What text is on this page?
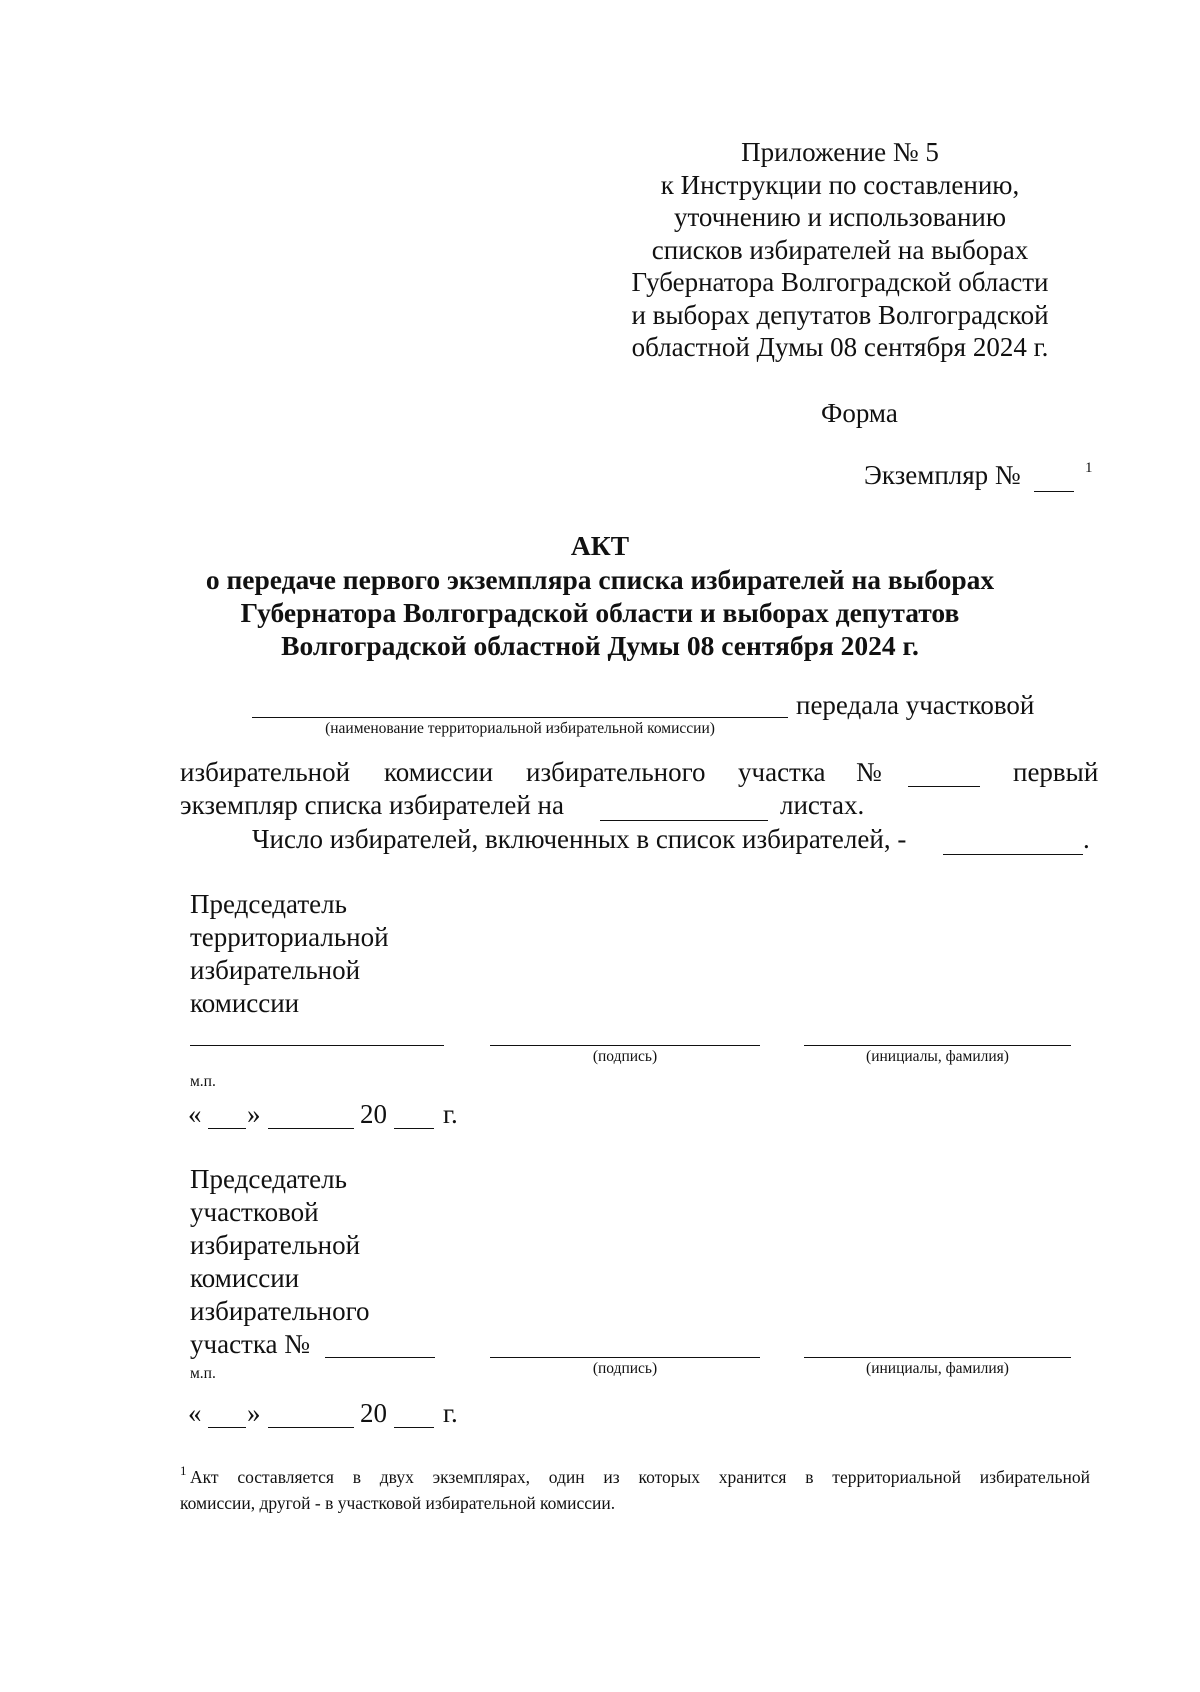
Приложение № 5
к Инструкции по составлению,
уточнению и использованию
списков избирателей на выборах
Губернатора Волгоградской области
и выборах депутатов Волгоградской
областной Думы 08 сентября 2024 г.
Форма
Экземпляр №	1
АКТ
о передаче первого экземпляра списка избирателей на выборах
Губернатора Волгоградской области и выборах депутатов
Волгоградской областной Думы 08 сентября 2024 г.
передала участковой
(наименование территориальной избирательной комиссии)
избирательной комиссии избирательного участка №	первый
экземпляр списка избирателей на	листах.
Число избирателей, включенных в список избирателей, -	.
Председатель
территориальной
избирательной
комиссии
(подпись)	(инициалы, фамилия)
м.п.
« »	20 г.
Председатель
участковой
избирательной
комиссии
избирательного
участка №
(подпись)	(инициалы, фамилия)
м.п.
« »	20 г.
1 Акт составляется в двух экземплярах, один из которых хранится в территориальной избирательной
комиссии, другой - в участковой избирательной комиссии.
